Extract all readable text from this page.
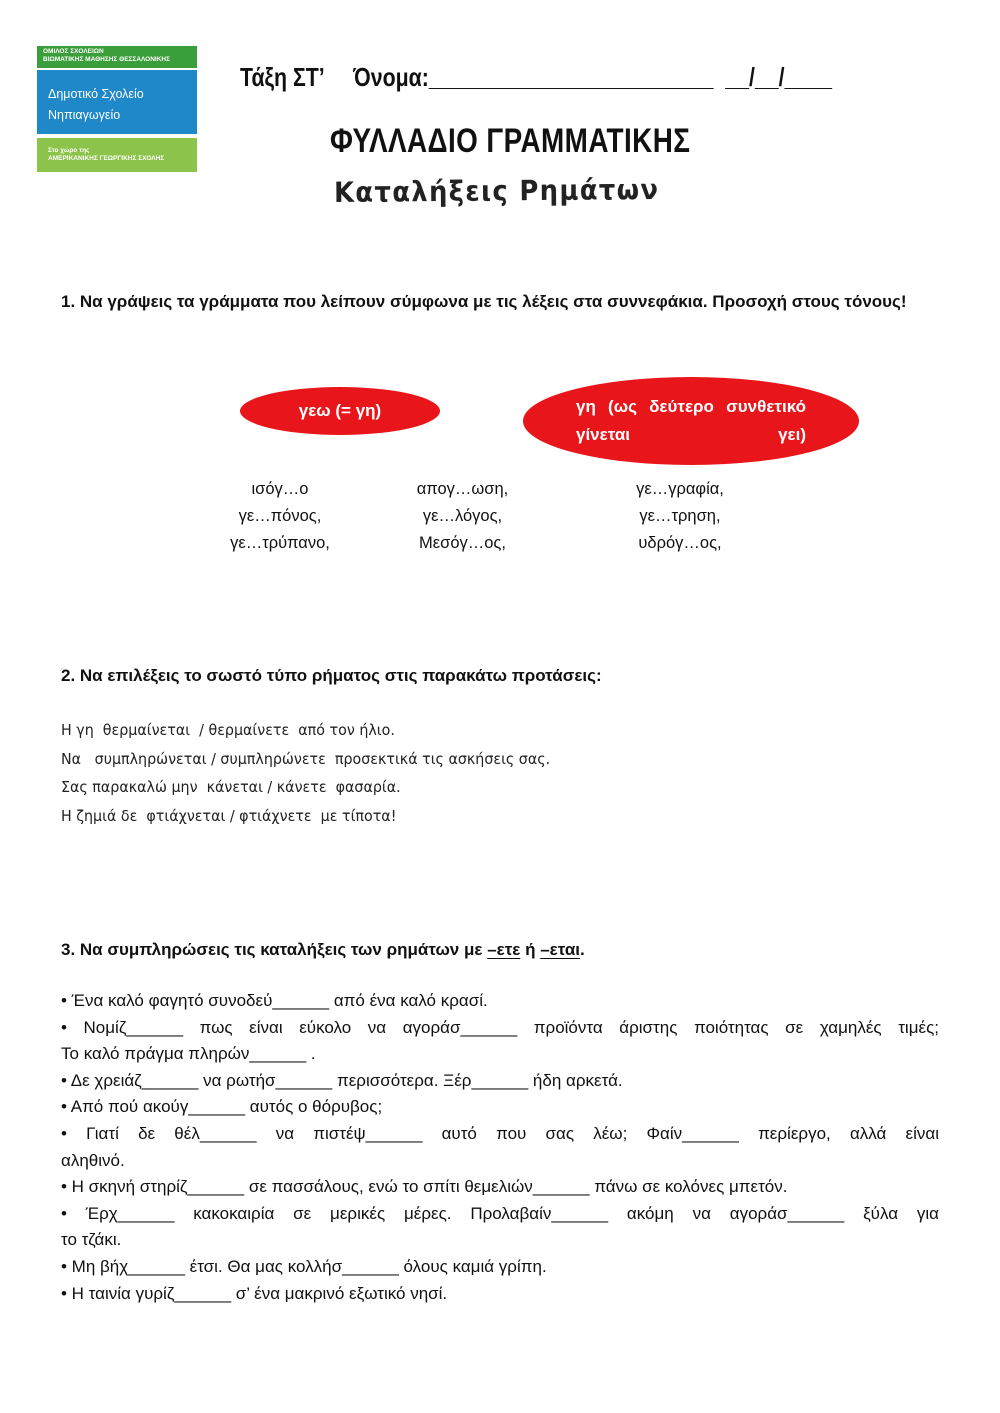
ΟΜΙΛΟΣ ΣΧΟΛΕΙΩΝ
ΒΙΩΜΑΤΙΚΗΣ ΜΑΘΗΣΗΣ ΘΕΣΣΑΛΟΝΙΚΗΣ
Δημοτικό Σχολείο
Νηπιαγωγείο
Στο χώρο της
ΑΜΕΡΙΚΑΝΙΚΗΣ ΓΕΩΡΓΙΚΗΣ ΣΧΟΛΗΣ
Τάξη ΣΤ’     Όνομα:________________________  __/__/____
ΦΥΛΛΑΔΙΟ ΓΡΑΜΜΑΤΙΚΗΣ
Καταλήξεις Ρημάτων
1. Να γράψεις τα γράμματα που λείπουν σύμφωνα με τις λέξεις στα συννεφάκια. Προσοχή στους τόνους!
γεω (= γη)	γη (ως δεύτερο συνθετικό γίνεται γει)
ισόγ…ο
γε…πόνος,
γε…τρύπανο,
απογ…ωση,
γε…λόγος,
Μεσόγ…ος,
γε…γραφία,
γε…τρηση,
υδρόγ…ος,
2. Να επιλέξεις το σωστό τύπο ρήματος στις παρακάτω προτάσεις:
Η γη  θερμαίνεται  / θερμαίνετε  από τον ήλιο.
Να   συμπληρώνεται / συμπληρώνετε  προσεκτικά τις ασκήσεις σας.
Σας παρακαλώ μην  κάνεται / κάνετε  φασαρία.
Η ζημιά δε  φτιάχνεται / φτιάχνετε  με τίποτα!
3. Να συμπληρώσεις τις καταλήξεις των ρημάτων με –ετε ή –εται.
• Ένα καλό φαγητό συνοδεύ______ από ένα καλό κρασί.
• Νομίζ______ πως είναι εύκολο να αγοράσ______ προϊόντα άριστης ποιότητας σε χαμηλές τιμές;
Το καλό πράγμα πληρών______ .
• Δε χρειάζ______ να ρωτήσ______ περισσότερα. Ξέρ______ ήδη αρκετά.
• Από πού ακούγ______ αυτός ο θόρυβος;
• Γιατί δε θέλ______ να πιστέψ______ αυτό που σας λέω; Φαίν______ περίεργο, αλλά είναι
αληθινό.
• Η σκηνή στηρίζ______ σε πασσάλους, ενώ το σπίτι θεμελιών______ πάνω σε κολόνες μπετόν.
• Έρχ______ κακοκαιρία σε μερικές μέρες. Προλαβαίν______ ακόμη να αγοράσ______ ξύλα για
το τζάκι.
• Μη βήχ______ έτσι. Θα μας κολλήσ______ όλους καμιά γρίπη.
• Η ταινία γυρίζ______ σ’ ένα μακρινό εξωτικό νησί.
